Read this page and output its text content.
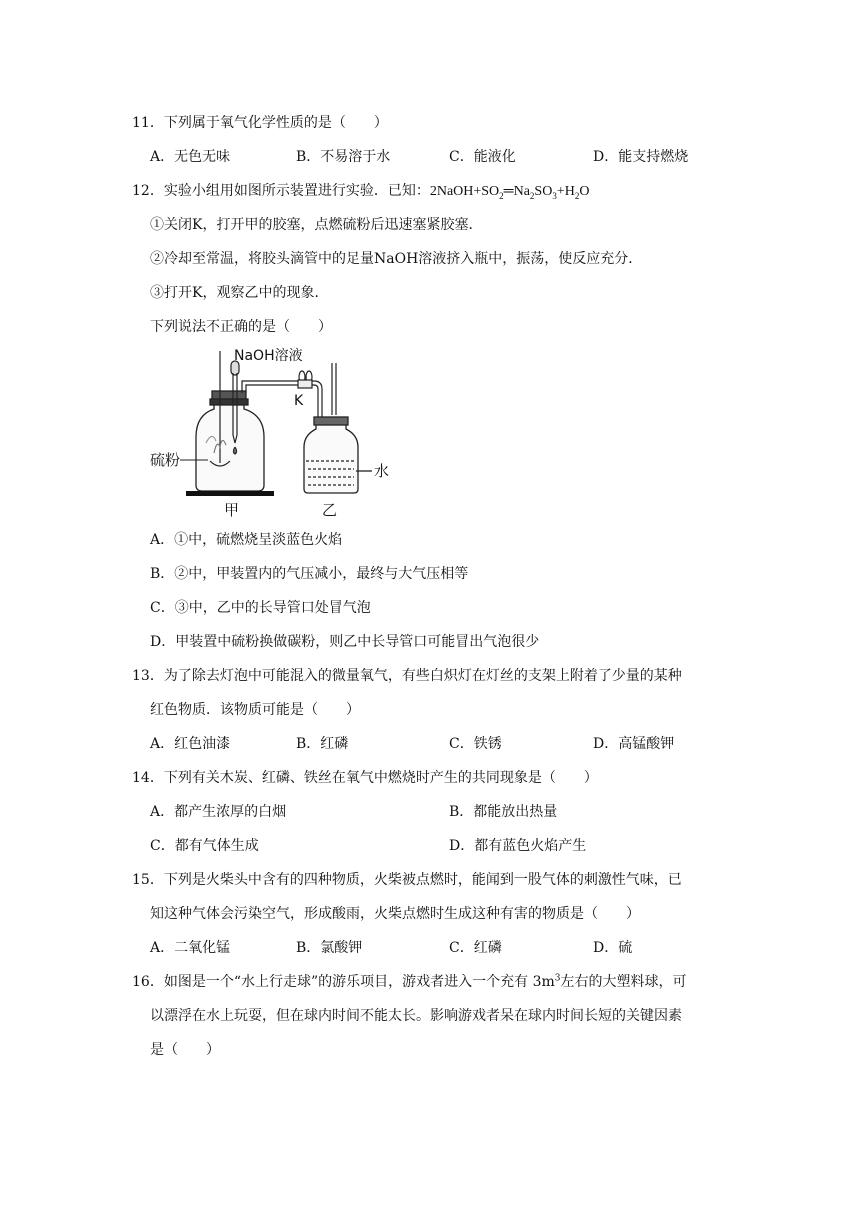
11．下列属于氧气化学性质的是（　　）
A．无色无味	B．不易溶于水	C．能液化	D．能支持燃烧
12．实验小组用如图所示装置进行实验．已知：$2NaOH+SO_2═Na_2SO_3+H_2O$
①关闭K，打开甲的胶塞，点燃硫粉后迅速塞紧胶塞．
②冷却至常温，将胶头滴管中的足量NaOH溶液挤入瓶中，振荡，使反应充分．
③打开K，观察乙中的现象．
下列说法不正确的是（　　）
NaOH溶液
K
硫粉
水
甲	乙
A．①中，硫燃烧呈淡蓝色火焰
B．②中，甲装置内的气压减小，最终与大气压相等
C．③中，乙中的长导管口处冒气泡
D．甲装置中硫粉换做碳粉，则乙中长导管口可能冒出气泡很少
13．为了除去灯泡中可能混入的微量氧气，有些白炽灯在灯丝的支架上附着了少量的某种
红色物质．该物质可能是（　　）
A．红色油漆	B．红磷	C．铁锈	D．高锰酸钾
14．下列有关木炭、红磷、铁丝在氧气中燃烧时产生的共同现象是（　　）
A．都产生浓厚的白烟	B．都能放出热量
C．都有气体生成	D．都有蓝色火焰产生
15．下列是火柴头中含有的四种物质，火柴被点燃时，能闻到一股气体的刺激性气味，已
知这种气体会污染空气，形成酸雨，火柴点燃时生成这种有害的物质是（　　）
A．二氧化锰	B．氯酸钾	C．红磷	D．硫
16．如图是一个“水上行走球”的游乐项目，游戏者进入一个充有 $3m^3$左右的大塑料球，可
以漂浮在水上玩耍，但在球内时间不能太长。影响游戏者呆在球内时间长短的关键因素
是（　　）
